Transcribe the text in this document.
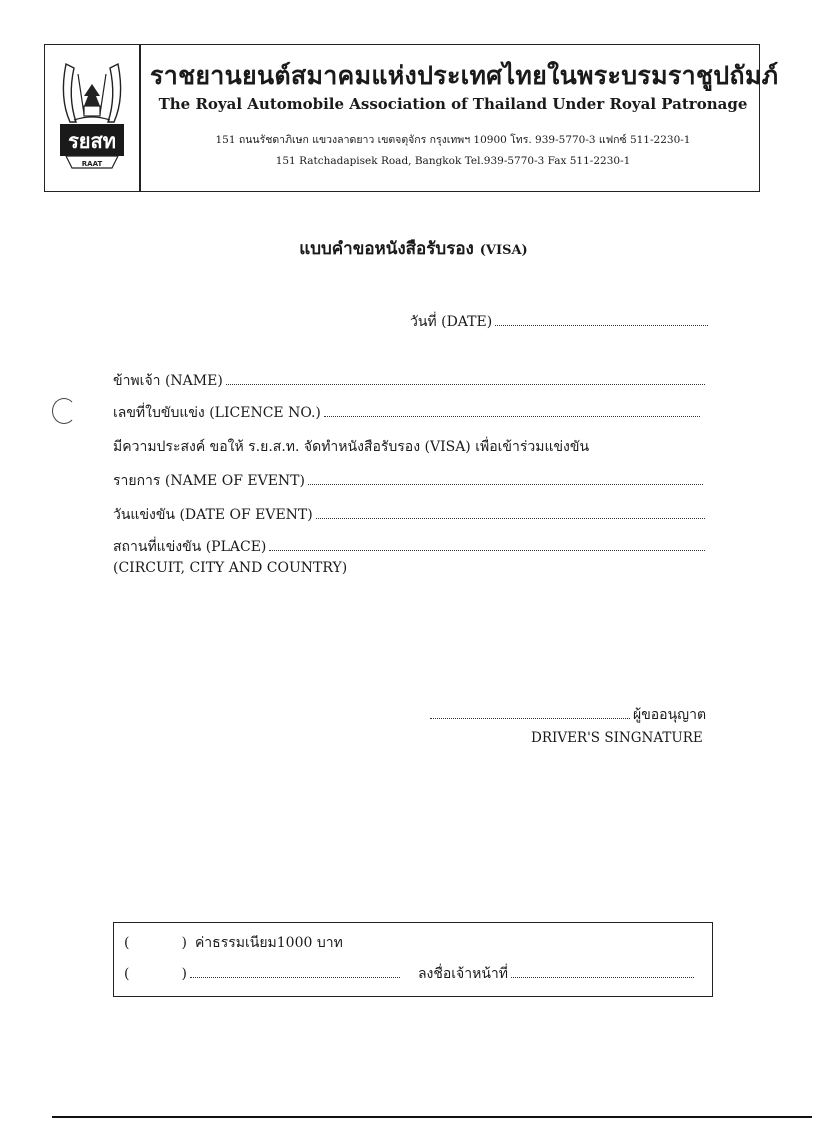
รยสท
RAAT
ราชยานยนต์สมาคมแห่งประเทศไทยในพระบรมราชูปถัมภ์
The Royal Automobile Association of Thailand Under Royal Patronage
151 ถนนรัชดาภิเษก แขวงลาดยาว เขตจตุจักร กรุงเทพฯ 10900 โทร. 939-5770-3 แฟกซ์ 511-2230-1
151 Ratchadapisek Road, Bangkok Tel.939-5770-3 Fax 511-2230-1
แบบคำขอหนังสือรับรอง (VISA)
วันที่ (DATE)
ข้าพเจ้า (NAME)
เลขที่ใบขับแข่ง (LICENCE NO.)
มีความประสงค์ ขอให้ ร.ย.ส.ท. จัดทำหนังสือรับรอง (VISA) เพื่อเข้าร่วมแข่งขัน
รายการ (NAME OF EVENT)
วันแข่งขัน (DATE OF EVENT)
สถานที่แข่งขัน (PLACE)
(CIRCUIT, CITY AND COUNTRY)
ผู้ขออนุญาต
DRIVER'S SINGNATURE
(	) ค่าธรรมเนียม1000 บาท
(	)	ลงชื่อเจ้าหน้าที่
